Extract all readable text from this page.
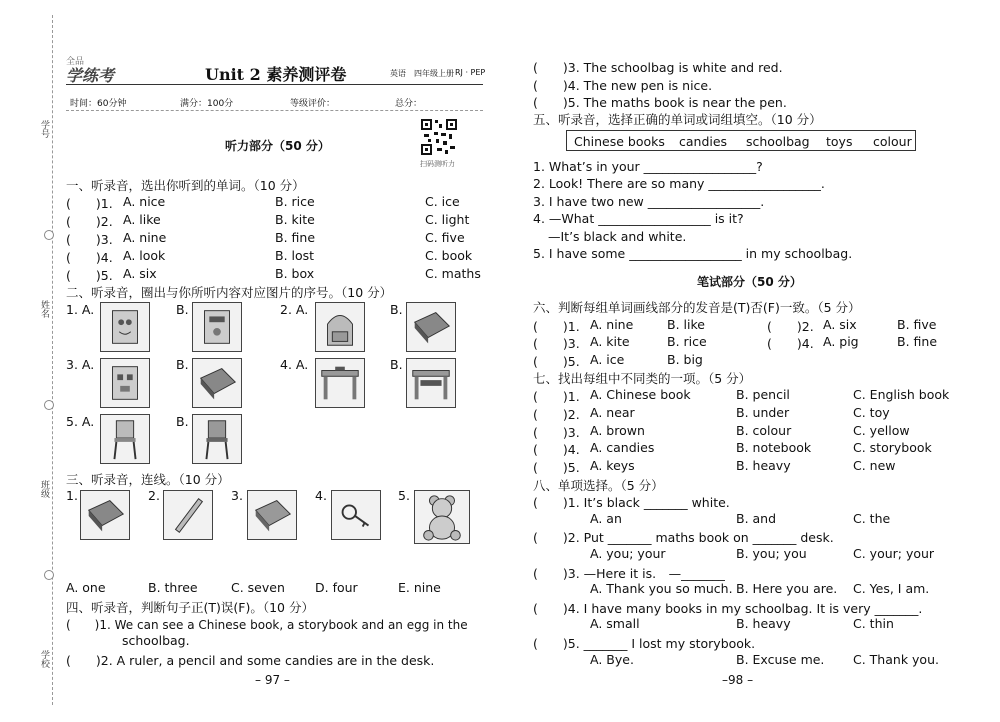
学号
姓名
班级
学校
全品
学练考	Unit 2 素养测评卷	英语 四年级上册 RJ · PEP
时间：60分钟	满分：100分	等级评价：	总分：
扫码测听力
听力部分（50 分）
一、听录音，选出你听到的单词。（10 分）
(　　)1. A. nice	B. rice	C. ice
(　　)2. A. like	B. kite	C. light
(　　)3. A. nine	B. fine	C. five
(　　)4. A. look	B. lost	C. book
(　　)5. A. six	B. box	C. maths
二、听录音，圈出与你所听内容对应图片的序号。（10 分）
1. A.	B.	2. A.	B.
3. A.	B.	4. A.	B.
5. A.	B.
三、听录音，连线。（10 分）
1.	2.	3.	4.	5.
A. one	B. three	C. seven D. four	E. nine
四、听录音，判断句子正(T)误(F)。（10 分）
(　　)1. We can see a Chinese book, a storybook and an egg in the
schoolbag.
(　　)2. A ruler, a pencil and some candies are in the desk.
– 97 –
(　　)3. The schoolbag is white and red.
(　　)4. The new pen is nice.
(　　)5. The maths book is near the pen.
五、听录音，选择正确的单词或词组填空。（10 分）
Chinese books candies schoolbag toys colour
1. What’s in your __________________?
2. Look! There are so many __________________.
3. I have two new __________________.
4. —What __________________ is it?
—It’s black and white.
5. I have some __________________ in my schoolbag.
笔试部分（50 分）
六、判断每组单词画线部分的发音是(T)否(F)一致。（5 分）
(　　)1. A. nine	B. like	(　　)2. A. six	B. five
(　　)3. A. kite	B. rice	(　　)4. A. pig	B. fine
(　　)5. A. ice	B. big
七、找出每组中不同类的一项。（5 分）
(　　)1. A. Chinese book	B. pencil	C. English book
(　　)2. A. near	B. under	C. toy
(　　)3. A. brown	B. colour	C. yellow
(　　)4. A. candies	B. notebook	C. storybook
(　　)5. A. keys	B. heavy	C. new
八、单项选择。（5 分）
(　　)1. It’s black _______ white.
A. an	B. and	C. the
(　　)2. Put _______ maths book on _______ desk.
A. you; your	B. you; you	C. your; your
(　　)3. —Here it is.　—_______
A. Thank you so much. B. Here you are. C. Yes, I am.
(　　)4. I have many books in my schoolbag. It is very _______.
A. small	B. heavy	C. thin
(　　)5. _______ I lost my storybook.
A. Bye.	B. Excuse me. C. Thank you.
–98 –
